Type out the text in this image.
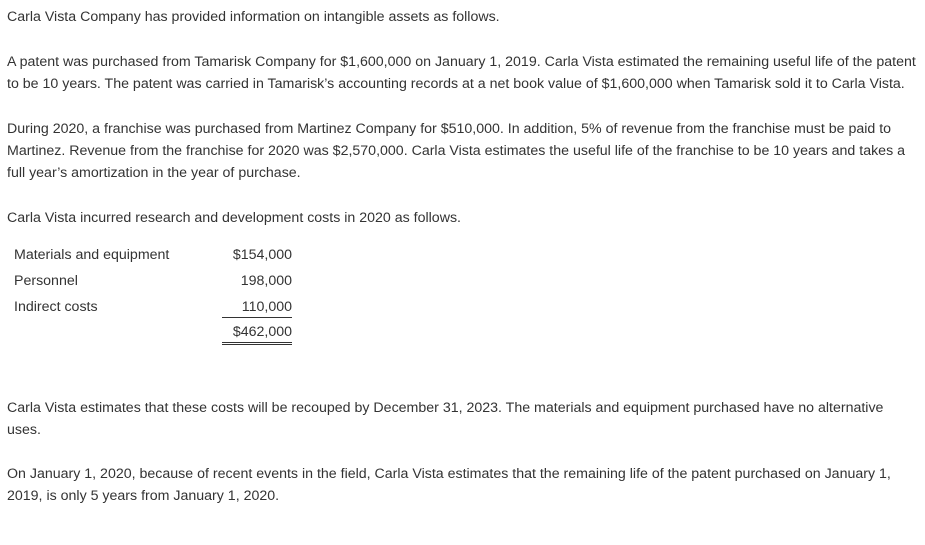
Carla Vista Company has provided information on intangible assets as follows.

A patent was purchased from Tamarisk Company for $1,600,000 on January 1, 2019. Carla Vista estimated the remaining useful life of the patent to be 10 years. The patent was carried in Tamarisk’s accounting records at a net book value of $1,600,000 when Tamarisk sold it to Carla Vista.

During 2020, a franchise was purchased from Martinez Company for $510,000. In addition, 5% of revenue from the franchise must be paid to Martinez. Revenue from the franchise for 2020 was $2,570,000. Carla Vista estimates the useful life of the franchise to be 10 years and takes a full year’s amortization in the year of purchase.

Carla Vista incurred research and development costs in 2020 as follows.

Materials and equipment	$154,000
Personnel	198,000
Indirect costs	110,000
	$462,000

Carla Vista estimates that these costs will be recouped by December 31, 2023. The materials and equipment purchased have no alternative uses.

On January 1, 2020, because of recent events in the field, Carla Vista estimates that the remaining life of the patent purchased on January 1, 2019, is only 5 years from January 1, 2020.
